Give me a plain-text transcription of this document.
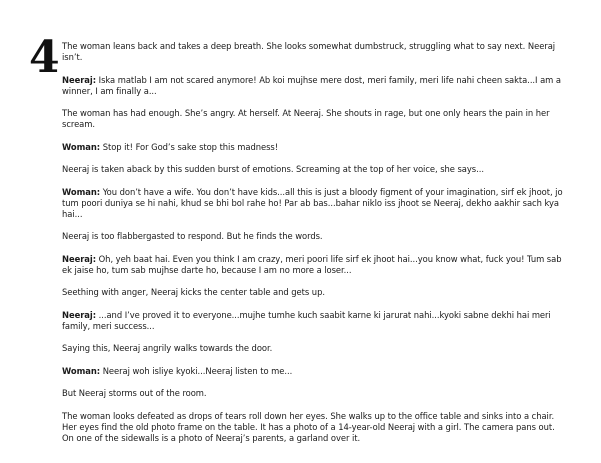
4 The woman leans back and takes a deep breath. She looks somewhat dumbstruck, struggling what to say next. Neeraj isn’t.

Neeraj: Iska matlab I am not scared anymore! Ab koi mujhse mere dost, meri family, meri life nahi cheen sakta...I am a winner, I am finally a...

The woman has had enough. She’s angry. At herself. At Neeraj. She shouts in rage, but one only hears the pain in her scream.

Woman: Stop it! For God’s sake stop this madness!

Neeraj is taken aback by this sudden burst of emotions. Screaming at the top of her voice, she says...

Woman: You don’t have a wife. You don’t have kids...all this is just a bloody figment of your imagination, sirf ek jhoot, jo tum poori duniya se hi nahi, khud se bhi bol rahe ho! Par ab bas...bahar niklo iss jhoot se Neeraj, dekho aakhir sach kya hai...

Neeraj is too flabbergasted to respond. But he finds the words.

Neeraj: Oh, yeh baat hai. Even you think I am crazy, meri poori life sirf ek jhoot hai...you know what, fuck you! Tum sab ek jaise ho, tum sab mujhse darte ho, because I am no more a loser...

Seething with anger, Neeraj kicks the center table and gets up.

Neeraj: ...and I’ve proved it to everyone...mujhe tumhe kuch saabit karne ki jarurat nahi...kyoki sabne dekhi hai meri family, meri success...

Saying this, Neeraj angrily walks towards the door.

Woman: Neeraj woh isliye kyoki...Neeraj listen to me...

But Neeraj storms out of the room.

The woman looks defeated as drops of tears roll down her eyes. She walks up to the office table and sinks into a chair. Her eyes find the old photo frame on the table. It has a photo of a 14-year-old Neeraj with a girl. The camera pans out. On one of the sidewalls is a photo of Neeraj’s parents, a garland over it.
